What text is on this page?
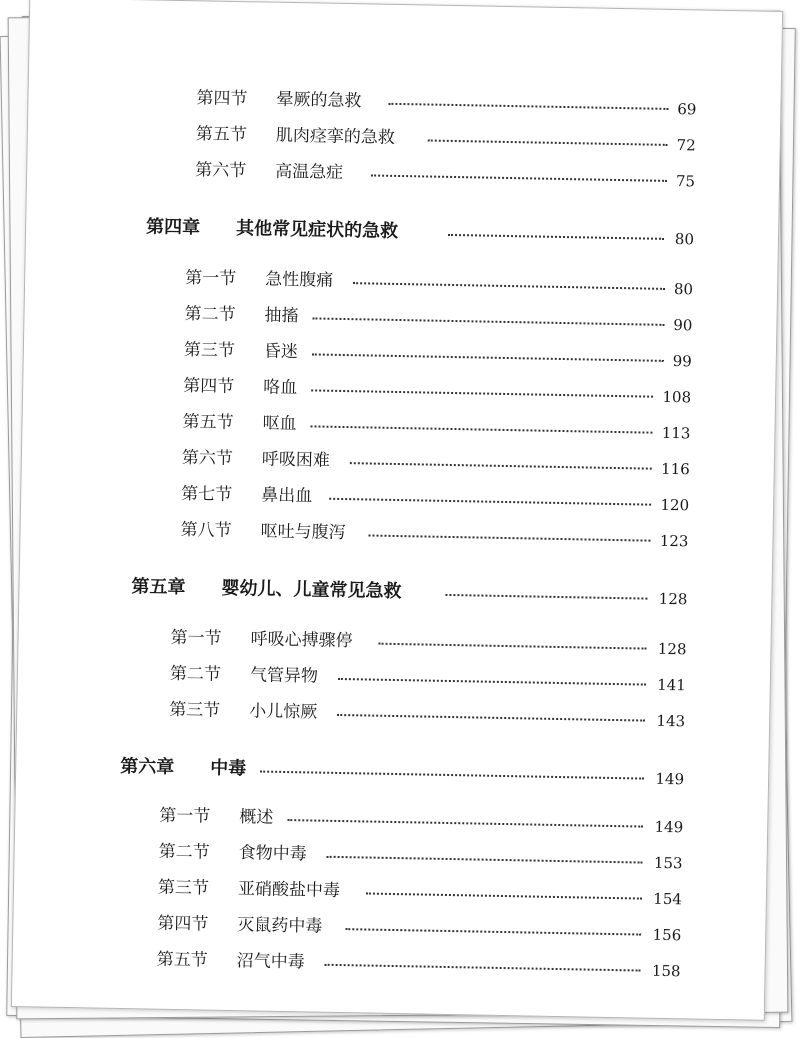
第四节 晕厥的急救	69
第五节 肌肉痉挛的急救	72
第六节 高温急症	75
第四章 其他常见症状的急救	80
第一节 急性腹痛	80
第二节 抽搐	90
第三节 昏迷	99
第四节 咯血	108
第五节 呕血	113
第六节 呼吸困难	116
第七节 鼻出血	120
第八节 呕吐与腹泻	123
第五章 婴幼儿、儿童常见急救	128
第一节 呼吸心搏骤停	128
第二节 气管异物	141
第三节 小儿惊厥	143
第六章 中毒	149
第一节 概述	149
第二节 食物中毒	153
第三节 亚硝酸盐中毒	154
第四节 灭鼠药中毒	156
第五节 沼气中毒	158
